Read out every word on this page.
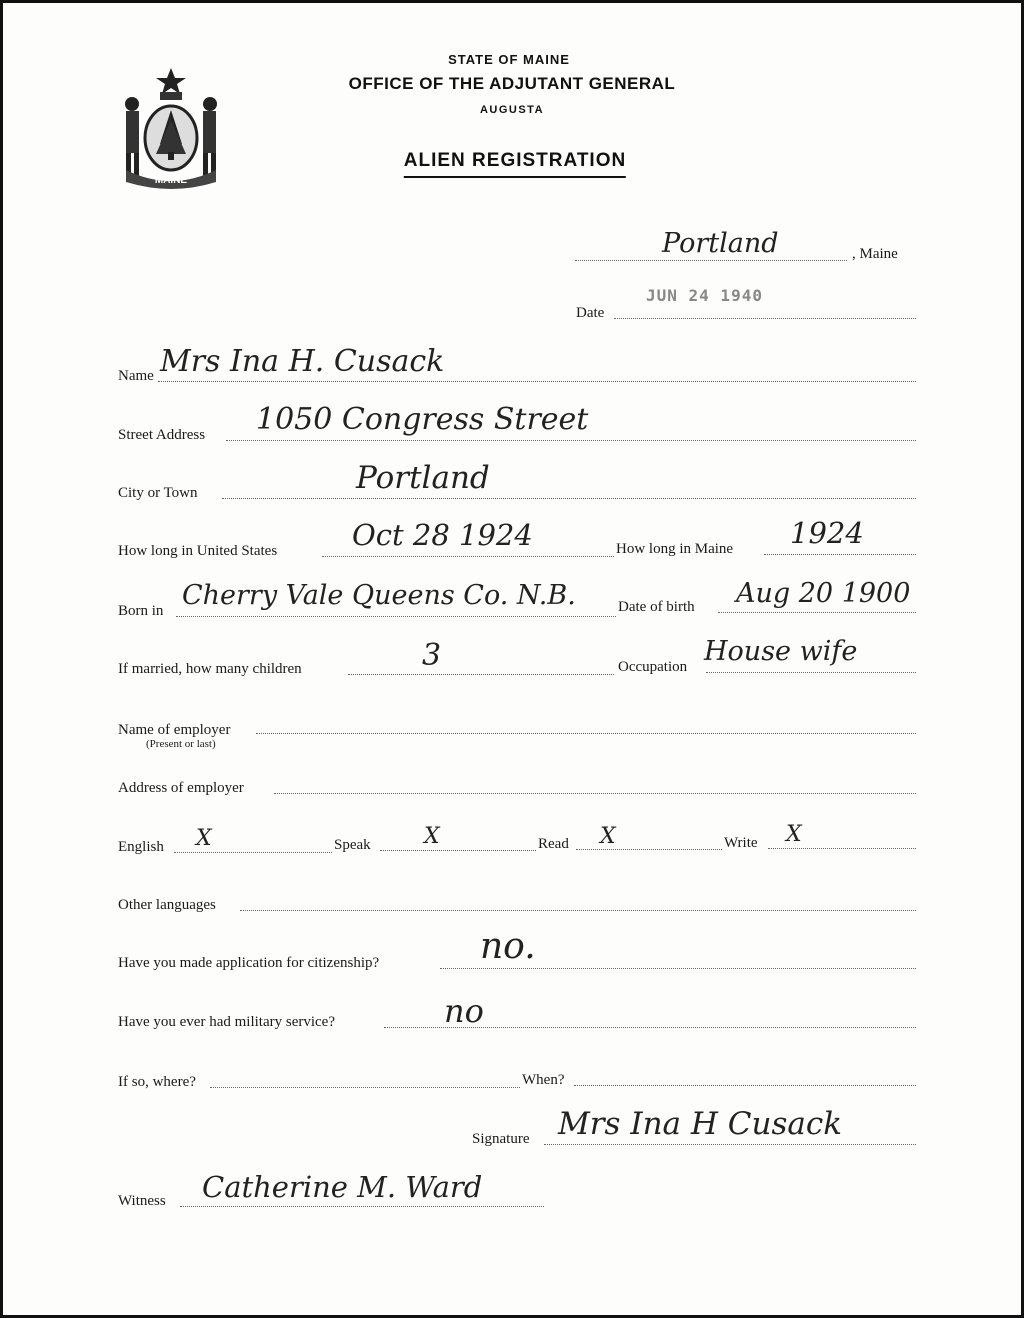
MAINE
STATE OF MAINE
OFFICE OF THE ADJUTANT GENERAL
AUGUSTA
ALIEN REGISTRATION
Portland	, Maine
Date
JUN 24 1940
Name Mrs Ina H. Cusack
Street Address 1050 Congress Street
City or Town	Portland
How long in United States	Oct 28 1924	How long in Maine 1924
Born in Cherry Vale Queens Co. N.B.	Date of birth Aug 20 1900
If married, how many children	3	Occupation House wife
Name of employer
(Present or last)
Address of employer
English X	Speak X	Read X	Write X
Other languages
Have you made application for citizenship?	no.
Have you ever had military service?	no
If so, where?	When?
Signature Mrs Ina H Cusack
Witness Catherine M. Ward
